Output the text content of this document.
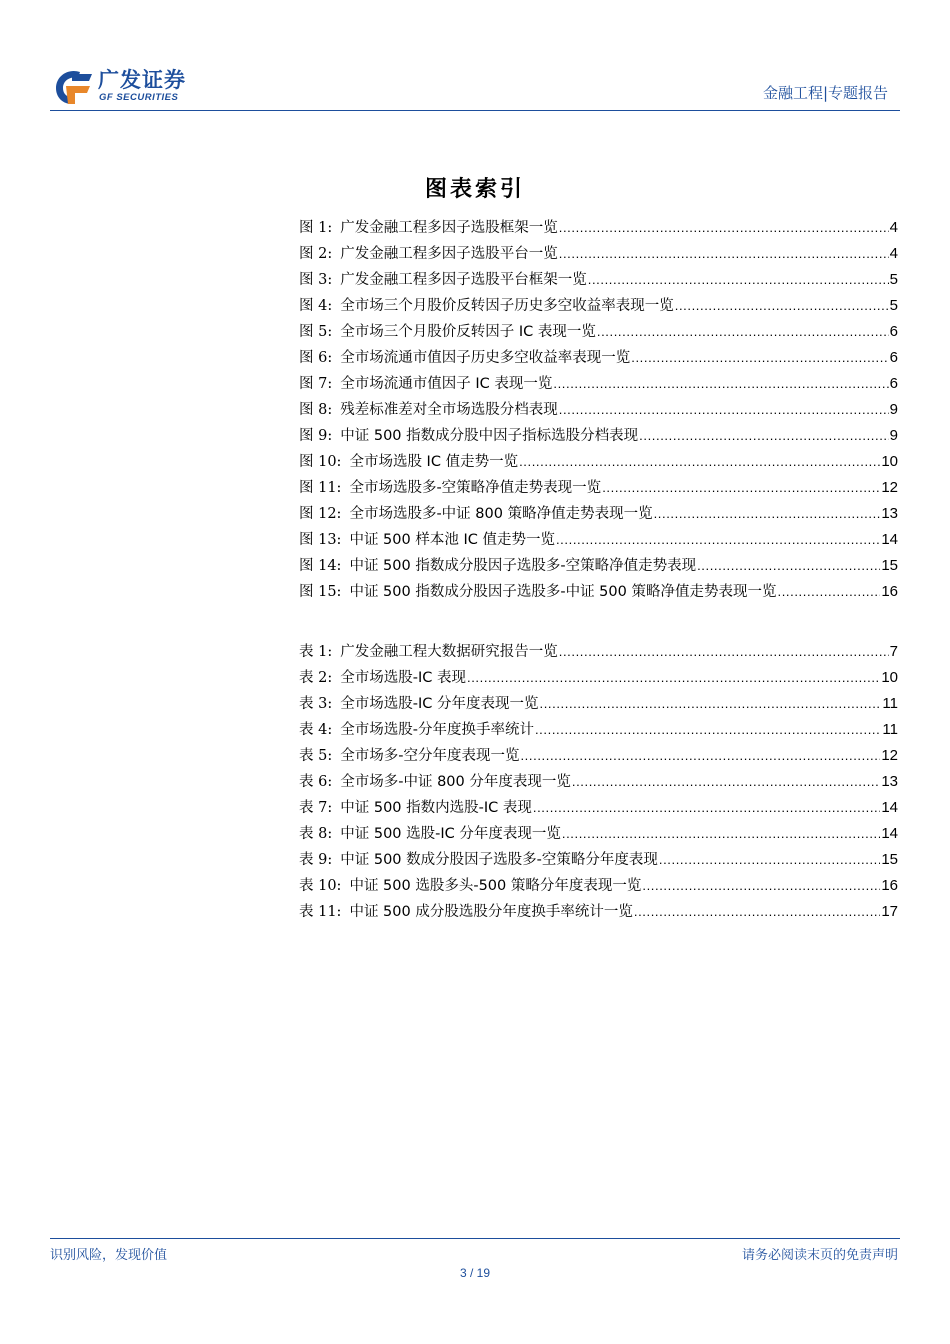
广发证券
GF SECURITIES	金融工程|专题报告
图表索引
图 1: 广发金融工程多因子选股框架一览 .....	4
图 2: 广发金融工程多因子选股平台一览 .....	4
图 3: 广发金融工程多因子选股平台框架一览 .....	5
图 4: 全市场三个月股价反转因子历史多空收益率表现一览 .....	5
图 5: 全市场三个月股价反转因子 IC 表现一览 .....	6
图 6: 全市场流通市值因子历史多空收益率表现一览 .....	6
图 7: 全市场流通市值因子 IC 表现一览 .....	6
图 8: 残差标准差对全市场选股分档表现 .....	9
图 9: 中证 500 指数成分股中因子指标选股分档表现 .....	9
图 10: 全市场选股 IC 值走势一览 .....	10
图 11: 全市场选股多-空策略净值走势表现一览 .....	12
图 12: 全市场选股多-中证 800 策略净值走势表现一览 .....	13
图 13: 中证 500 样本池 IC 值走势一览 .....	14
图 14: 中证 500 指数成分股因子选股多-空策略净值走势表现 .....	15
图 15: 中证 500 指数成分股因子选股多-中证 500 策略净值走势表现一览 .....	16
表 1: 广发金融工程大数据研究报告一览 .....	7
表 2: 全市场选股-IC 表现 .....	10
表 3: 全市场选股-IC 分年度表现一览 .....	11
表 4: 全市场选股-分年度换手率统计 .....	11
表 5: 全市场多-空分年度表现一览 .....	12
表 6: 全市场多-中证 800 分年度表现一览 .....	13
表 7: 中证 500 指数内选股-IC 表现 .....	14
表 8: 中证 500 选股-IC 分年度表现一览 .....	14
表 9: 中证 500 数成分股因子选股多-空策略分年度表现 .....	15
表 10: 中证 500 选股多头-500 策略分年度表现一览 .....	16
表 11: 中证 500 成分股选股分年度换手率统计一览 .....	17
识别风险，发现价值	请务必阅读末页的免责声明
3 / 19
